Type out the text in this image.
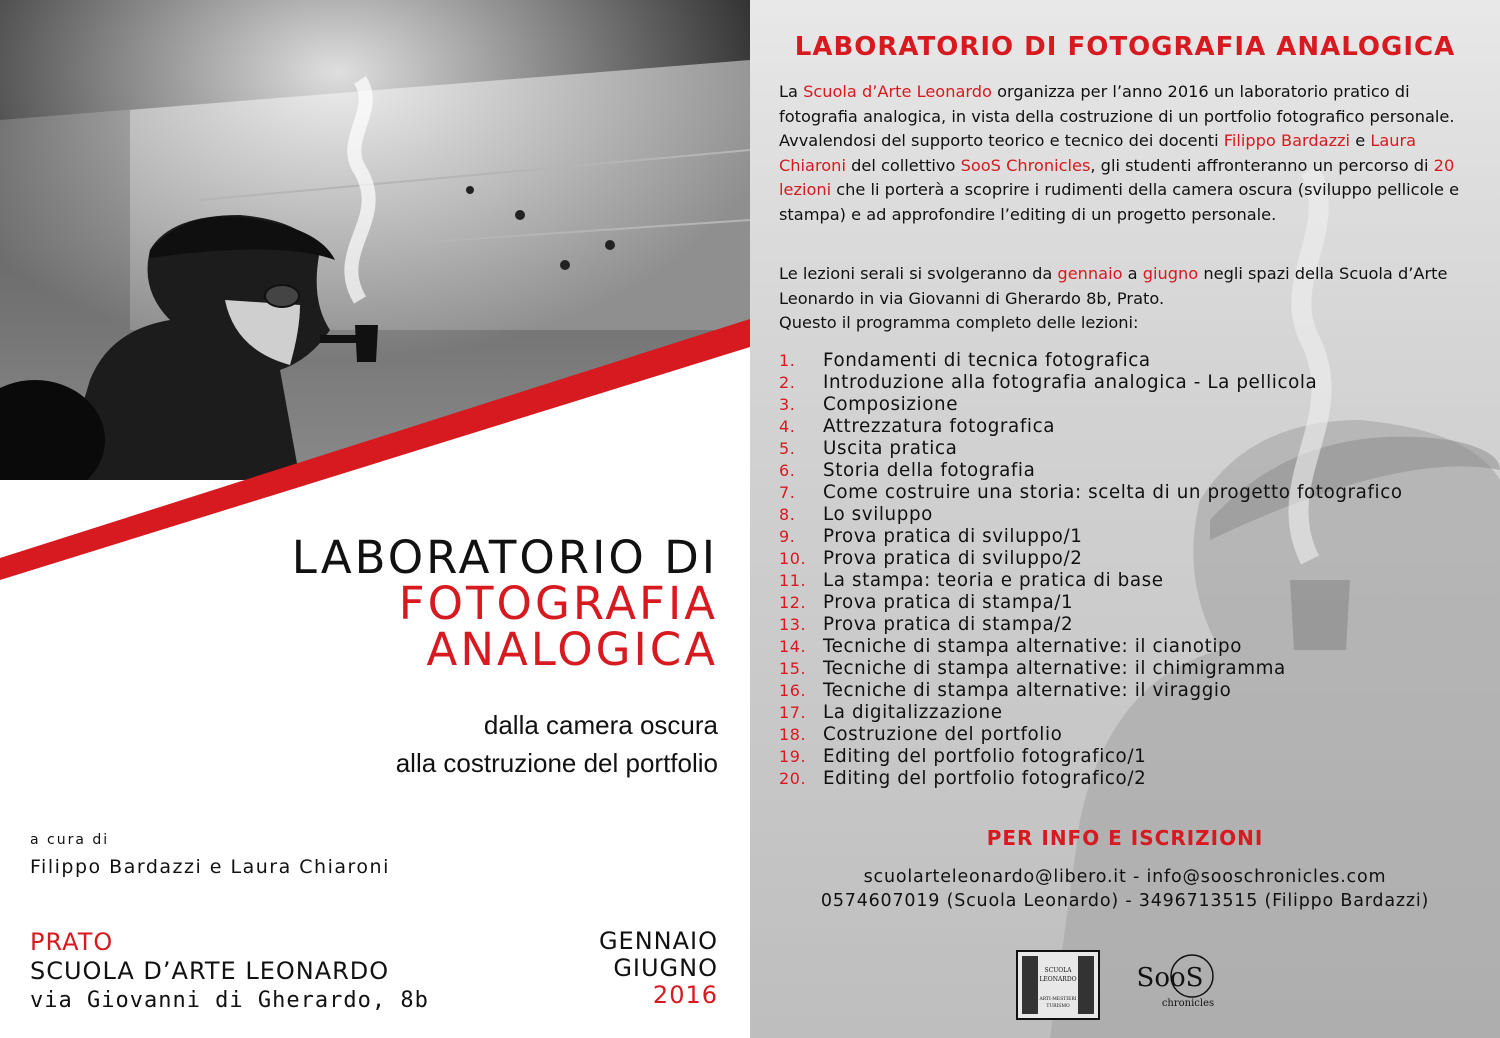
LABORATORIO DI
FOTOGRAFIA
ANALOGICA
dalla camera oscura
alla costruzione del portfolio
a cura di
Filippo Bardazzi e Laura Chiaroni
PRATO
SCUOLA D’ARTE LEONARDO
via Giovanni di Gherardo, 8b
GENNAIO
GIUGNO
2016
LABORATORIO DI FOTOGRAFIA ANALOGICA
La Scuola d’Arte Leonardo organizza per l’anno 2016 un laboratorio pratico di fotografia analogica, in vista della costruzione di un portfolio fotografico personale. Avvalendosi del supporto teorico e tecnico dei docenti Filippo Bardazzi e Laura Chiaroni del collettivo SooS Chronicles, gli studenti affronteranno un percorso di 20 lezioni che li porterà a scoprire i rudimenti della camera oscura (sviluppo pellicole e stampa) e ad approfondire l’editing di un progetto personale.
Le lezioni serali si svolgeranno da gennaio a giugno negli spazi della Scuola d’Arte Leonardo in via Giovanni di Gherardo 8b, Prato.
Questo il programma completo delle lezioni:
1. Fondamenti di tecnica fotografica
2. Introduzione alla fotografia analogica - La pellicola
3. Composizione
4. Attrezzatura fotografica
5. Uscita pratica
6. Storia della fotografia
7. Come costruire una storia: scelta di un progetto fotografico
8. Lo sviluppo
9. Prova pratica di sviluppo/1
10. Prova pratica di sviluppo/2
11. La stampa: teoria e pratica di base
12. Prova pratica di stampa/1
13. Prova pratica di stampa/2
14. Tecniche di stampa alternative: il cianotipo
15. Tecniche di stampa alternative: il chimigramma
16. Tecniche di stampa alternative: il viraggio
17. La digitalizzazione
18. Costruzione del portfolio
19. Editing del portfolio fotografico/1
20. Editing del portfolio fotografico/2
PER INFO E ISCRIZIONI
scuolarteleonardo@libero.it - info@sooschronicles.com
0574607019 (Scuola Leonardo) - 3496713515 (Filippo Bardazzi)
SCUOLA
LEONARDO
ARTI-MESTIERI
TURISMO
SooS
chronicles
